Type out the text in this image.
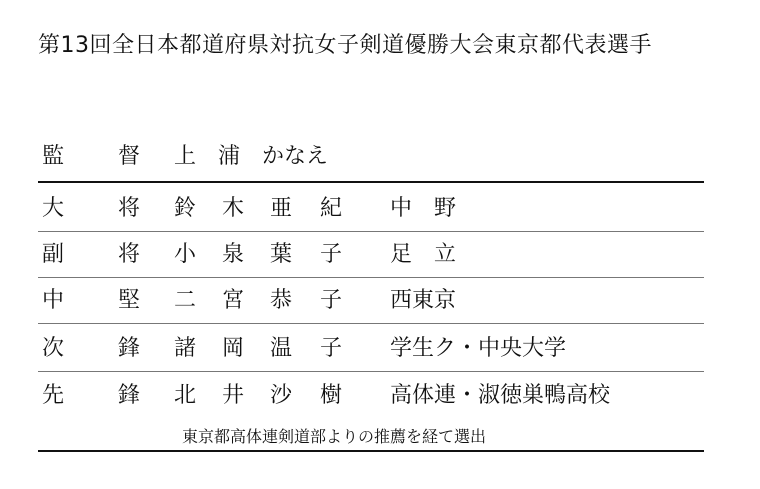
第13回全日本都道府県対抗女子剣道優勝大会東京都代表選手
監 督 上　浦　かなえ
大 将 鈴 木 亜 紀 中　野
副 将 小 泉 葉 子 足　立
中 堅 二 宮 恭 子 西東京
次 鋒 諸 岡 温 子 学生ク・中央大学
先 鋒 北 井 沙 樹 高体連・淑徳巣鴨高校
東京都高体連剣道部よりの推薦を経て選出
